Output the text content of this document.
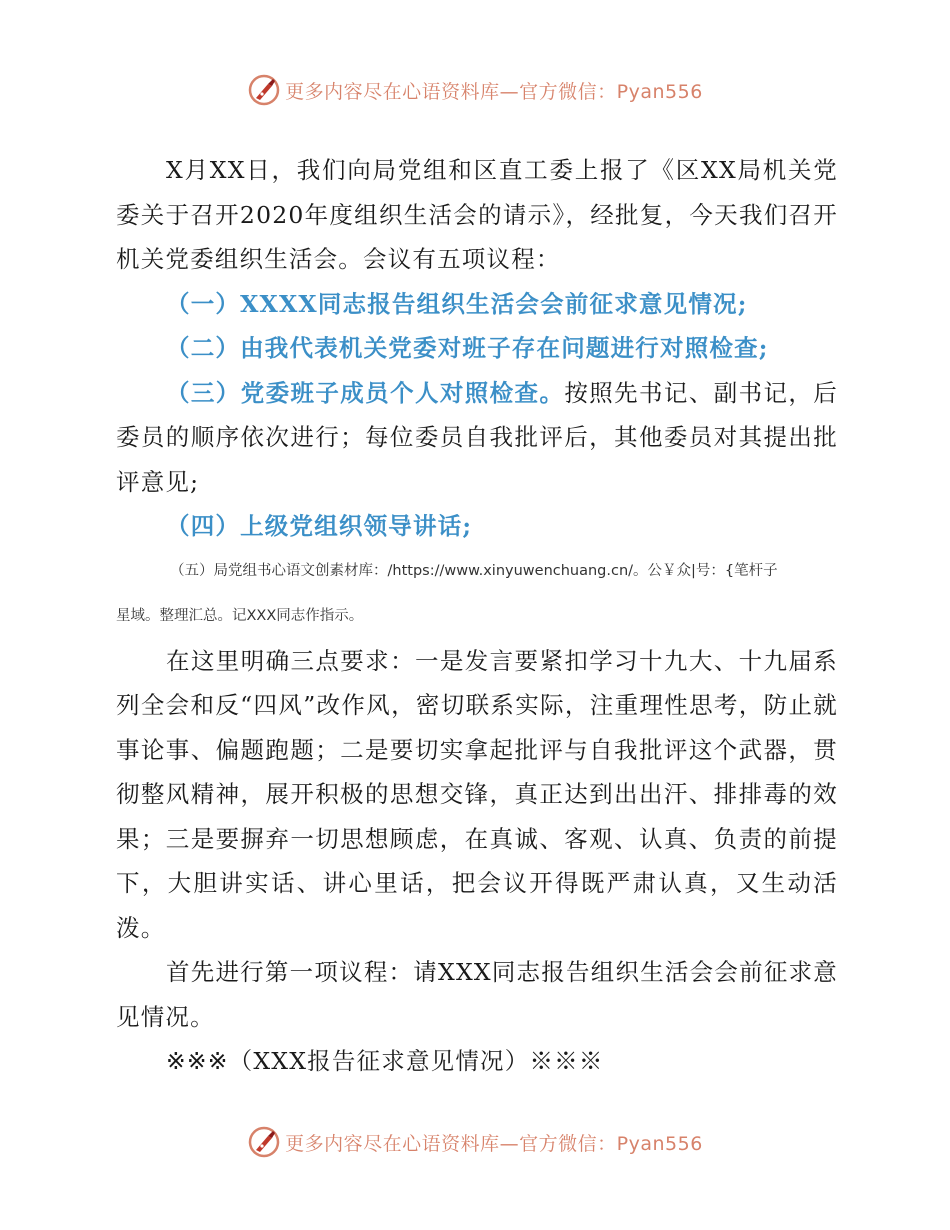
更多内容尽在心语资料库—官方微信：Pyan556

X月XX日，我们向局党组和区直工委上报了《区XX局机关党委关于召开2020年度组织生活会的请示》，经批复，今天我们召开机关党委组织生活会。会议有五项议程：

（一）XXXX同志报告组织生活会会前征求意见情况;

（二）由我代表机关党委对班子存在问题进行对照检查;

（三）党委班子成员个人对照检查。按照先书记、副书记，后委员的顺序依次进行；每位委员自我批评后，其他委员对其提出批评意见;

（四）上级党组织领导讲话;

（五）局党组书心语文创素材库：/https://www.xinyuwenchuang.cn/。公￥众|号：{笔杆子

星域。整理汇总。记XXX同志作指示。

在这里明确三点要求：一是发言要紧扣学习十九大、十九届系列全会和反“四风”改作风，密切联系实际，注重理性思考，防止就事论事、偏题跑题；二是要切实拿起批评与自我批评这个武器，贯彻整风精神，展开积极的思想交锋，真正达到出出汗、排排毒的效果；三是要摒弃一切思想顾虑，在真诚、客观、认真、负责的前提下，大胆讲实话、讲心里话，把会议开得既严肃认真，又生动活泼。

首先进行第一项议程：请XXX同志报告组织生活会会前征求意见情况。

※※※（XXX报告征求意见情况）※※※

更多内容尽在心语资料库—官方微信：Pyan556
